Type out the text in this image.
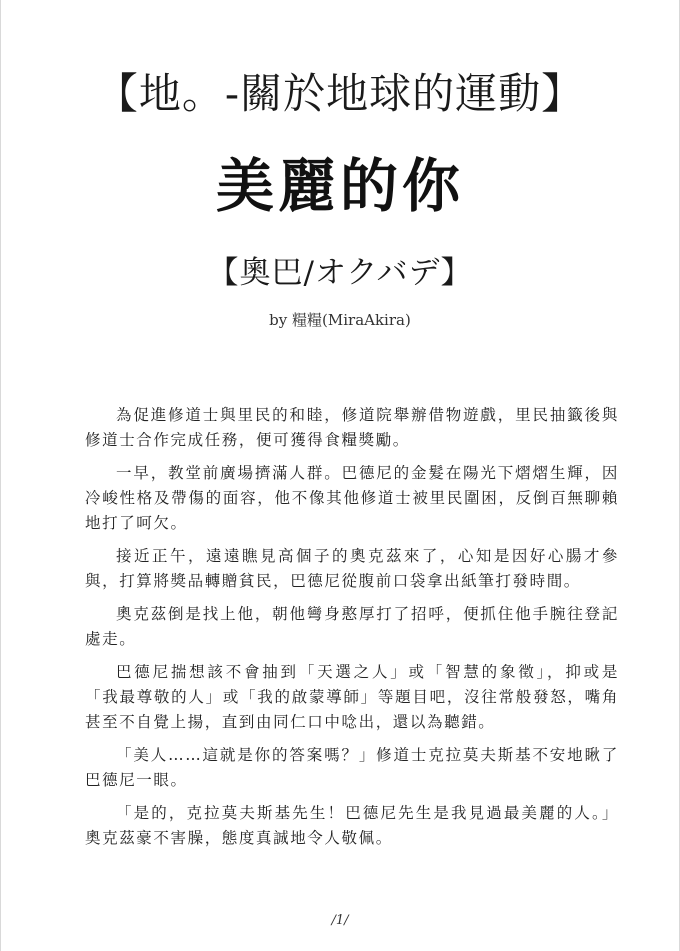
【地。-關於地球的運動】
美麗的你
【奧巴/オクバデ】
by 糧糧(MiraAkira)

為促進修道士與里民的和睦，修道院舉辦借物遊戲，里民抽籤後與修道士合作完成任務，便可獲得食糧獎勵。

一早，教堂前廣場擠滿人群。巴德尼的金髮在陽光下熠熠生輝，因冷峻性格及帶傷的面容，他不像其他修道士被里民圍困，反倒百無聊賴地打了呵欠。

接近正午，遠遠瞧見高個子的奧克茲來了，心知是因好心腸才參與，打算將獎品轉贈貧民，巴德尼從腹前口袋拿出紙筆打發時間。

奧克茲倒是找上他，朝他彎身憨厚打了招呼，便抓住他手腕往登記處走。

巴德尼揣想該不會抽到「天選之人」或「智慧的象徵」，抑或是「我最尊敬的人」或「我的啟蒙導師」等題目吧，沒往常般發怒，嘴角甚至不自覺上揚，直到由同仁口中唸出，還以為聽錯。

「美人……這就是你的答案嗎？」修道士克拉莫夫斯基不安地瞅了巴德尼一眼。

「是的，克拉莫夫斯基先生！巴德尼先生是我見過最美麗的人。」奧克茲豪不害臊，態度真誠地令人敬佩。

/1/
